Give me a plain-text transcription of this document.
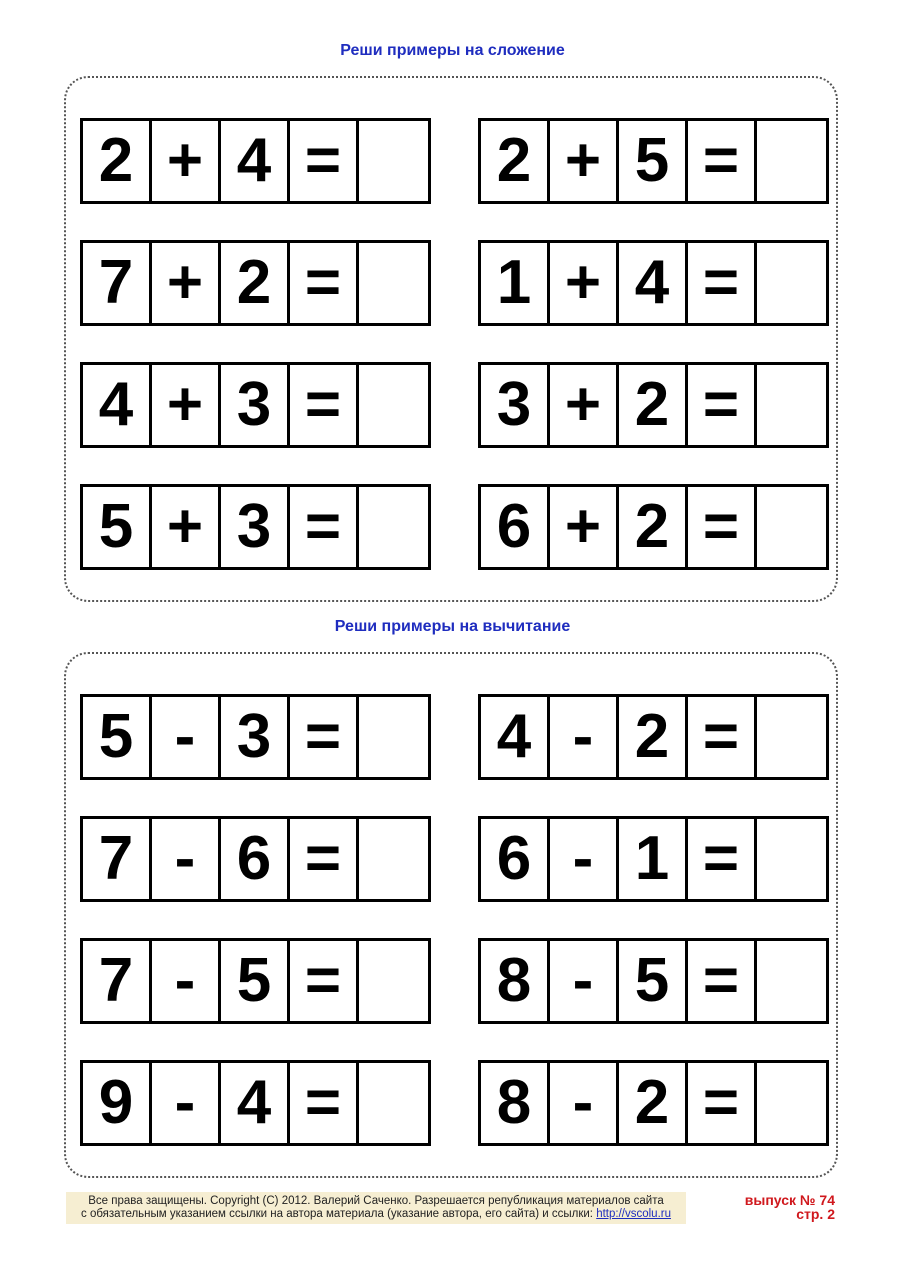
Реши примеры на сложение
2 + 4 =	2 + 5 =
7 + 2 =	1 + 4 =
4 + 3 =	3 + 2 =
5 + 3 =	6 + 2 =
Реши примеры на вычитание
5 - 3 =	4 - 2 =
7 - 6 =	6 - 1 =
7 - 5 =	8 - 5 =
9 - 4 =	8 - 2 =
Все права защищены. Copyright (C) 2012. Валерий Саченко. Разрешается републикация материалов сайта
с обязательным указанием ссылки на автора материала (указание автора, его сайта) и ссылки: http://vscolu.ru
выпуск № 74
стр. 2
